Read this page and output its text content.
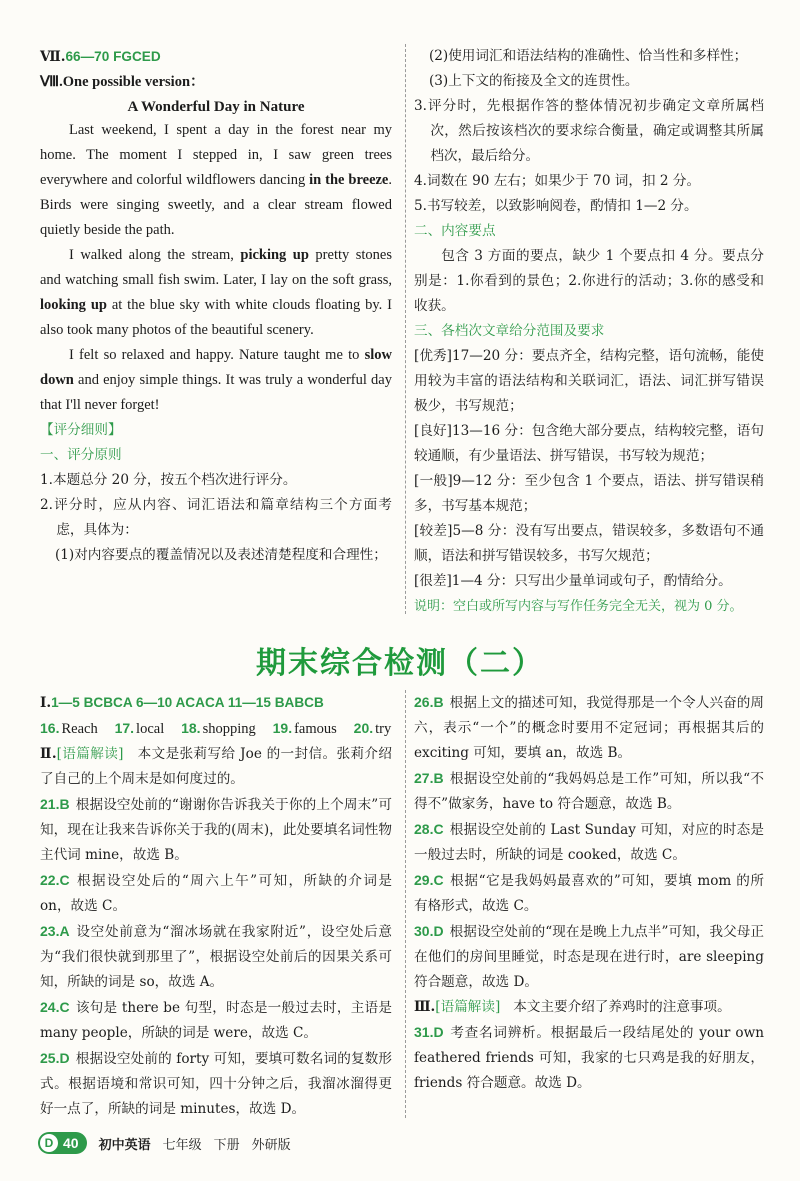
Ⅶ.66—70 FGCED

Ⅷ.One possible version：

A Wonderful Day in Nature

Last weekend, I spent a day in the forest near my home. The moment I stepped in, I saw green trees everywhere and colorful wildflowers dancing in the breeze. Birds were singing sweetly, and a clear stream flowed quietly beside the path.

I walked along the stream, picking up pretty stones and watching small fish swim. Later, I lay on the soft grass, looking up at the blue sky with white clouds floating by. I also took many photos of the beautiful scenery.

I felt so relaxed and happy. Nature taught me to slow down and enjoy simple things. It was truly a wonderful day that I'll never forget!

【评分细则】

一、评分原则

1.本题总分 20 分，按五个档次进行评分。

2.评分时，应从内容、词汇语法和篇章结构三个方面考虑，具体为：

(1)对内容要点的覆盖情况以及表述清楚程度和合理性；

(2)使用词汇和语法结构的准确性、恰当性和多样性；

(3)上下文的衔接及全文的连贯性。

3.评分时，先根据作答的整体情况初步确定文章所属档次，然后按该档次的要求综合衡量，确定或调整其所属档次，最后给分。

4.词数在 90 左右；如果少于 70 词，扣 2 分。

5.书写较差，以致影响阅卷，酌情扣 1—2 分。

二、内容要点

包含 3 方面的要点，缺少 1 个要点扣 4 分。要点分别是：1.你看到的景色；2.你进行的活动；3.你的感受和收获。

三、各档次文章给分范围及要求

[优秀]17—20 分：要点齐全，结构完整，语句流畅，能使用较为丰富的语法结构和关联词汇，语法、词汇拼写错误极少，书写规范；

[良好]13—16 分：包含绝大部分要点，结构较完整，语句较通顺，有少量语法、拼写错误，书写较为规范；

[一般]9—12 分：至少包含 1 个要点，语法、拼写错误稍多，书写基本规范；

[较差]5—8 分：没有写出要点，错误较多，多数语句不通顺，语法和拼写错误较多，书写欠规范；

[很差]1—4 分：只写出少量单词或句子，酌情给分。

说明：空白或所写内容与写作任务完全无关，视为 0 分。

期末综合检测（二）

Ⅰ.1—5 BCBCA 6—10 ACACA 11—15 BABCB

16. Reach 17. local 18. shopping 19. famous 20. try

Ⅱ.[语篇解读] 本文是张莉写给 Joe 的一封信。张莉介绍了自己的上个周末是如何度过的。

21.B 根据设空处前的“谢谢你告诉我关于你的上个周末”可知，现在让我来告诉你关于我的(周末)，此处要填名词性物主代词 mine，故选 B。

22.C 根据设空处后的“周六上午”可知，所缺的介词是 on，故选 C。

23.A 设空处前意为“溜冰场就在我家附近”，设空处后意为“我们很快就到那里了”，根据设空处前后的因果关系可知，所缺的词是 so，故选 A。

24.C 该句是 there be 句型，时态是一般过去时，主语是 many people，所缺的词是 were，故选 C。

25.D 根据设空处前的 forty 可知，要填可数名词的复数形式。根据语境和常识可知，四十分钟之后，我溜冰溜得更好一点了，所缺的词是 minutes，故选 D。

26.B 根据上文的描述可知，我觉得那是一个令人兴奋的周六，表示“一个”的概念时要用不定冠词；再根据其后的 exciting 可知，要填 an，故选 B。

27.B 根据设空处前的“我妈妈总是工作”可知，所以我“不得不”做家务，have to 符合题意，故选 B。

28.C 根据设空处前的 Last Sunday 可知，对应的时态是一般过去时，所缺的词是 cooked，故选 C。

29.C 根据“它是我妈妈最喜欢的”可知，要填 mom 的所有格形式，故选 C。

30.D 根据设空处前的“现在是晚上九点半”可知，我父母正在他们的房间里睡觉，时态是现在进行时，are sleeping 符合题意，故选 D。

Ⅲ.[语篇解读] 本文主要介绍了养鸡时的注意事项。

31.D 考查名词辨析。根据最后一段结尾处的 your own feathered friends 可知，我家的七只鸡是我的好朋友，friends 符合题意。故选 D。

D 40 初中英语 七年级 下册 外研版
